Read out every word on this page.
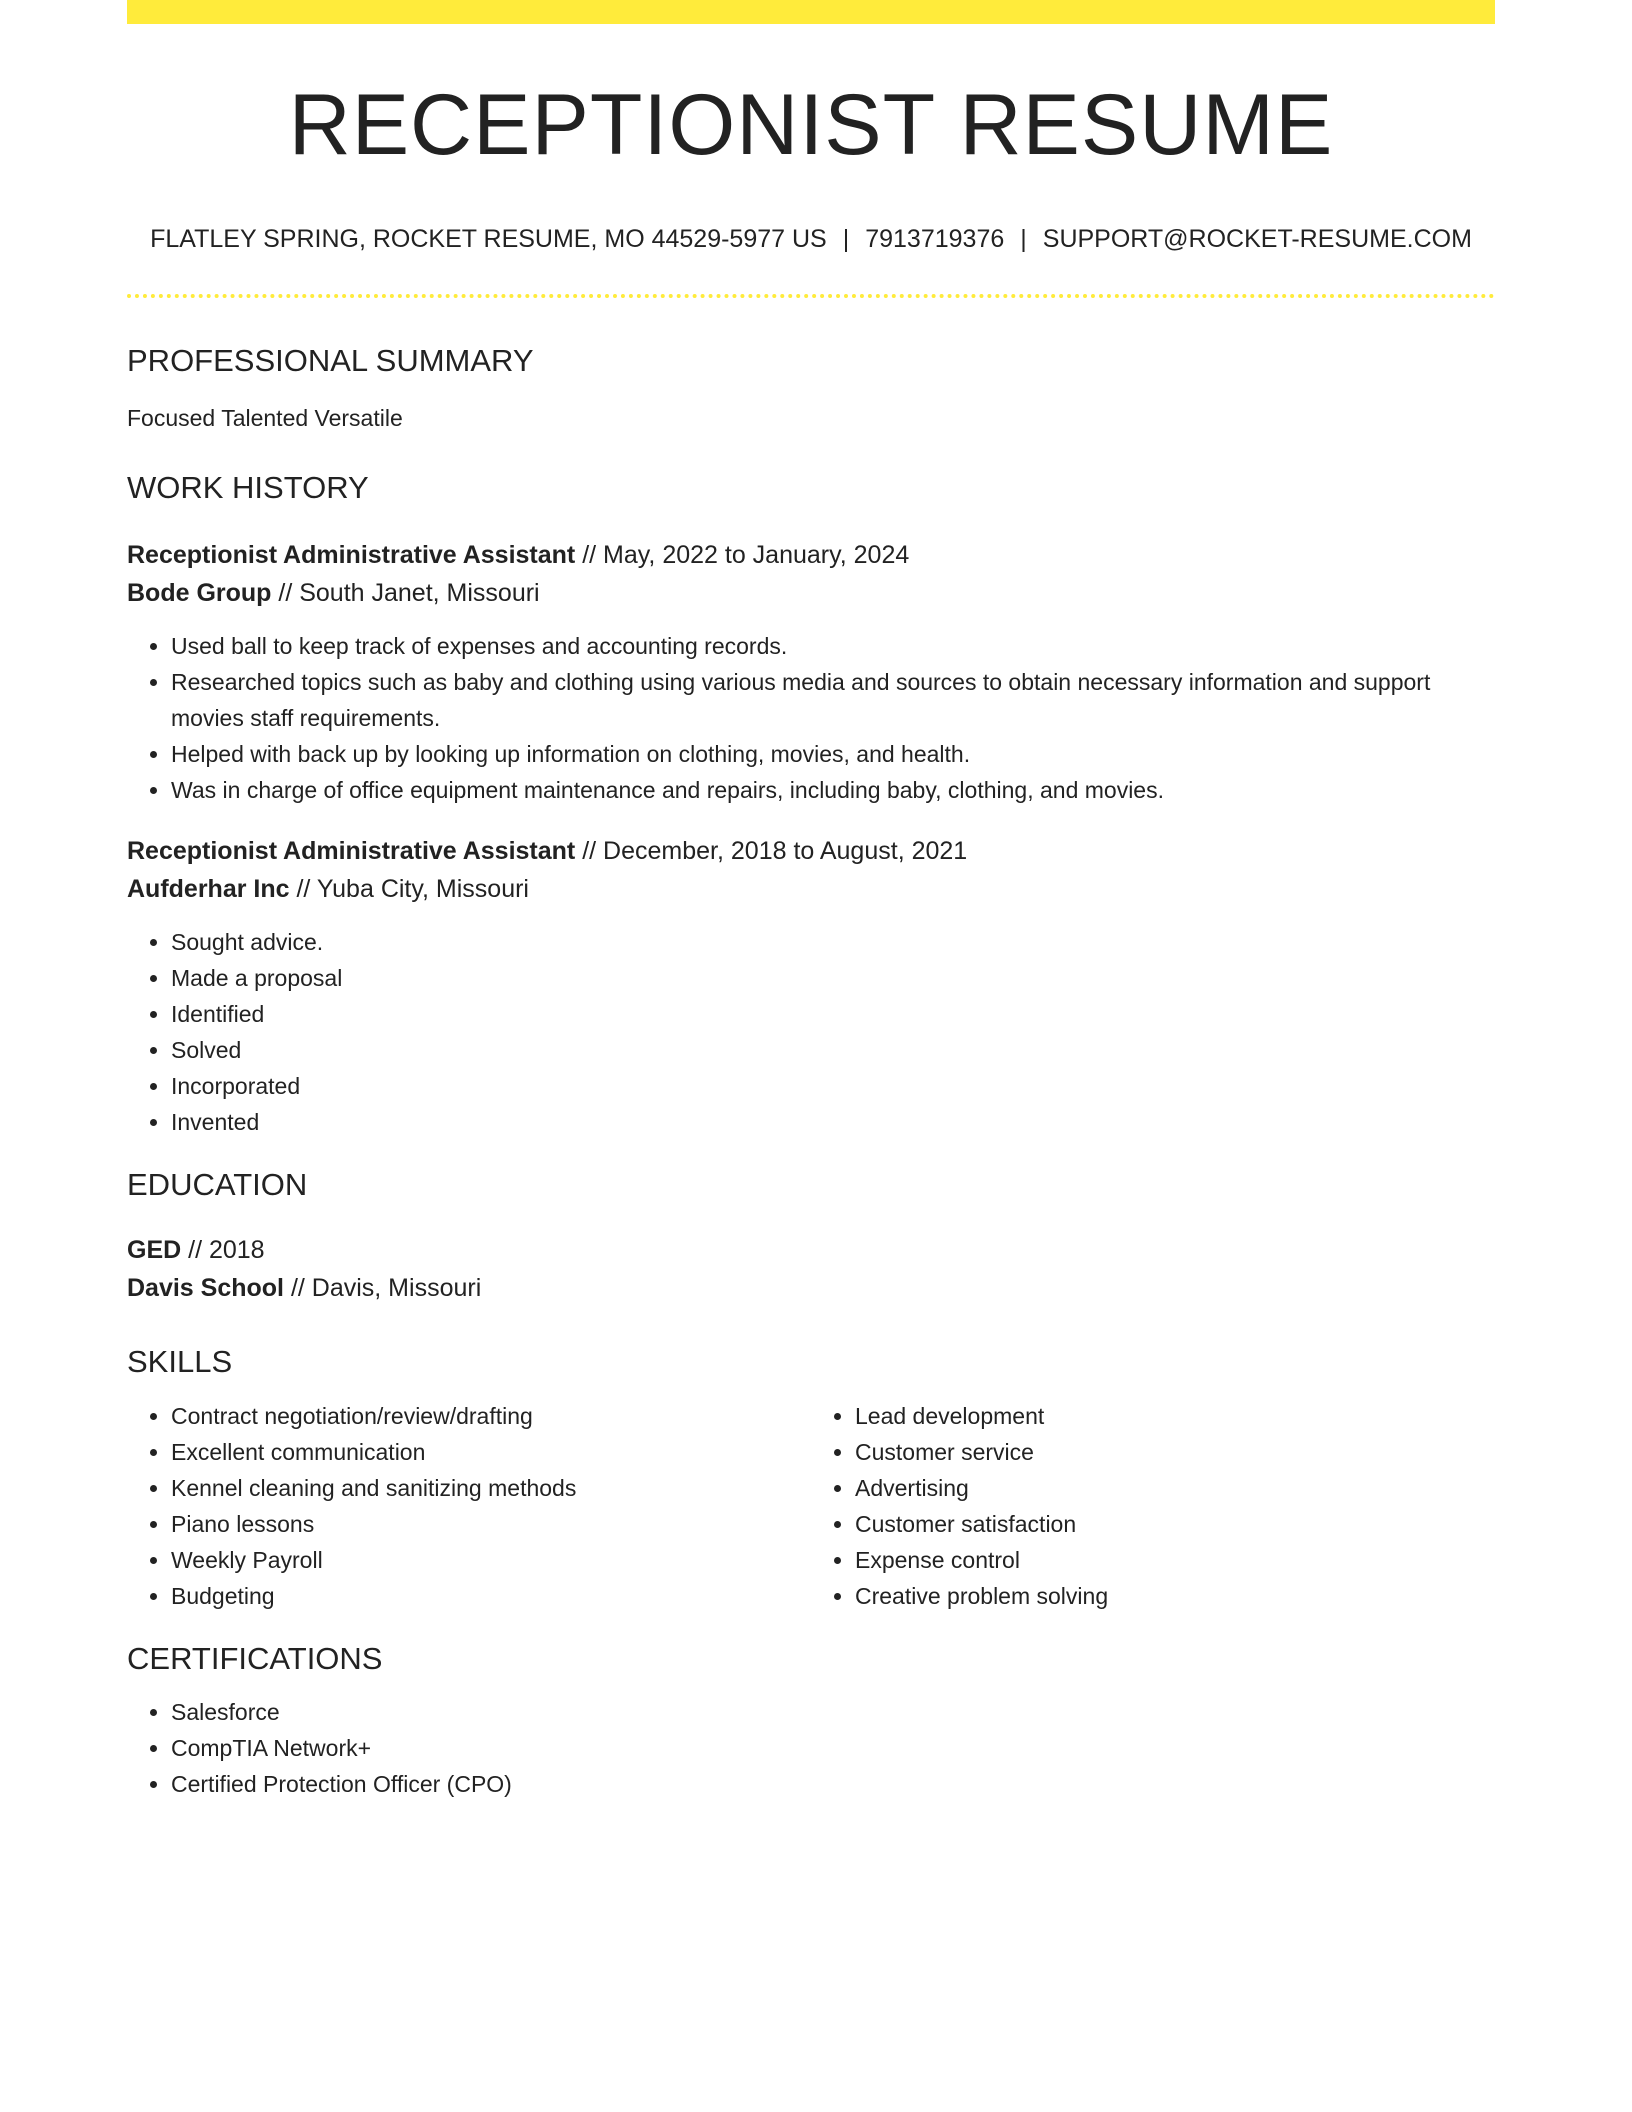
RECEPTIONIST RESUME
FLATLEY SPRING, ROCKET RESUME, MO 44529-5977 US | 7913719376 | SUPPORT@ROCKET-RESUME.COM
PROFESSIONAL SUMMARY
Focused Talented Versatile
WORK HISTORY
Receptionist Administrative Assistant // May, 2022 to January, 2024
Bode Group // South Janet, Missouri
• Used ball to keep track of expenses and accounting records.
• Researched topics such as baby and clothing using various media and sources to obtain necessary information and support movies staff requirements.
• Helped with back up by looking up information on clothing, movies, and health.
• Was in charge of office equipment maintenance and repairs, including baby, clothing, and movies.
Receptionist Administrative Assistant // December, 2018 to August, 2021
Aufderhar Inc // Yuba City, Missouri
• Sought advice.
• Made a proposal
• Identified
• Solved
• Incorporated
• Invented
EDUCATION
GED // 2018
Davis School // Davis, Missouri
SKILLS
• Contract negotiation/review/drafting
• Excellent communication
• Kennel cleaning and sanitizing methods
• Piano lessons
• Weekly Payroll
• Budgeting
• Lead development
• Customer service
• Advertising
• Customer satisfaction
• Expense control
• Creative problem solving
CERTIFICATIONS
• Salesforce
• CompTIA Network+
• Certified Protection Officer (CPO)
